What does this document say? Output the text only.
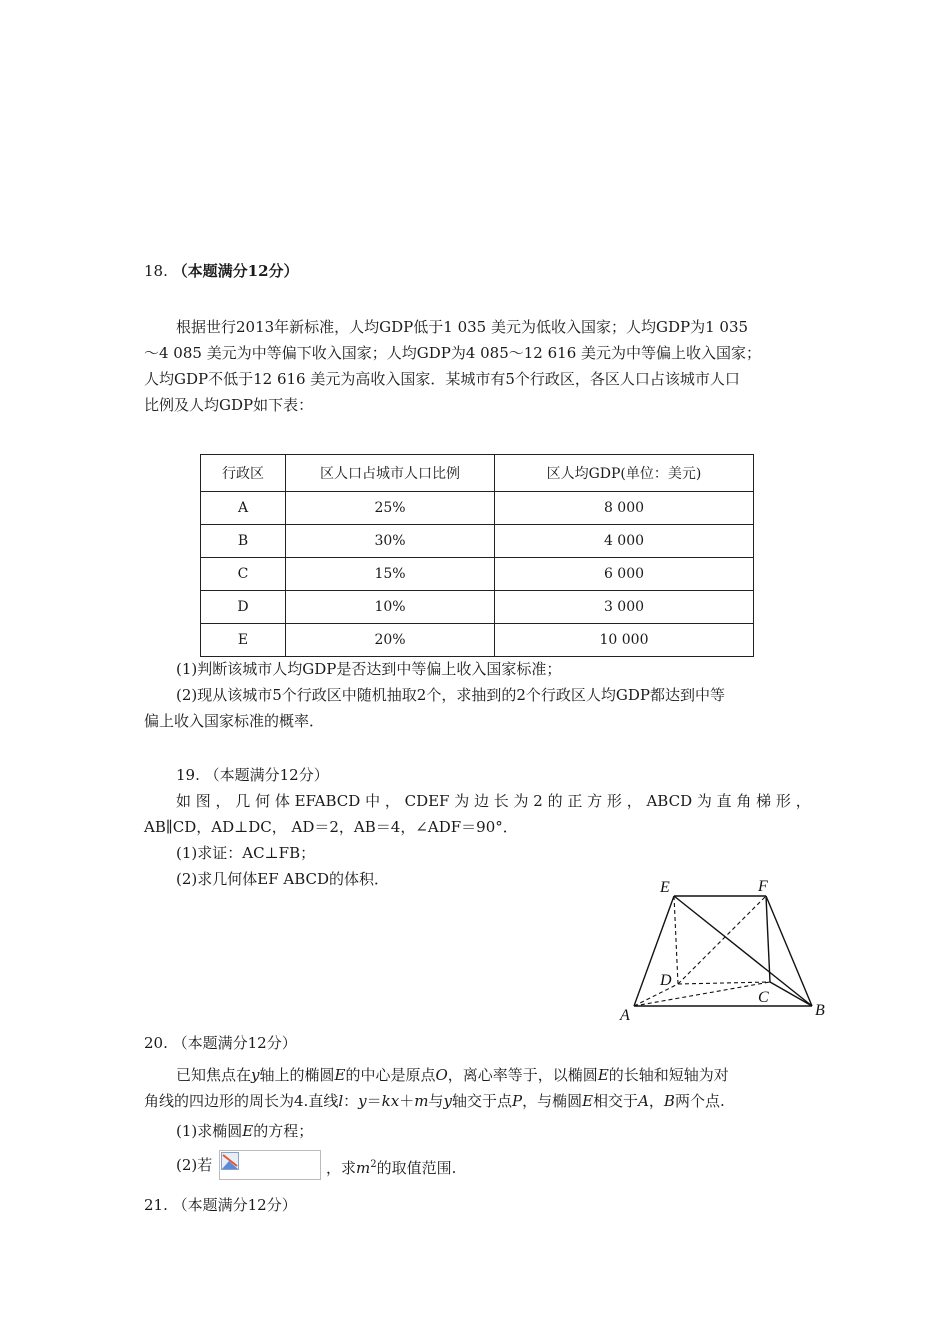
18. （本题满分12分）
根据世行2013年新标准，人均GDP低于1 035 美元为低收入国家；人均GDP为1 035
～4 085 美元为中等偏下收入国家；人均GDP为4 085～12 616 美元为中等偏上收入国家；
人均GDP不低于12 616 美元为高收入国家．某城市有5个行政区，各区人口占该城市人口
比例及人均GDP如下表：
行政区	区人口占城市人口比例	区人均GDP(单位：美元)
A	25%	8 000
B	30%	4 000
C	15%	6 000
D	10%	3 000
E	20%	10 000
(1)判断该城市人均GDP是否达到中等偏上收入国家标准；
(2)现从该城市5个行政区中随机抽取2个，求抽到的2个行政区人均GDP都达到中等
偏上收入国家标准的概率．
19. （本题满分12分）
如 图 ， 几 何 体 EFABCD 中 ， CDEF 为 边 长 为 2 的 正 方 形 ， ABCD 为 直 角 梯 形 ，
AB∥CD，AD⊥DC， AD＝2，AB＝4，∠ADF＝90°．
(1)求证：AC⊥FB；
(2)求几何体EF ABCD的体积．	E	F
D
C
A	B
20. （本题满分12分）
已知焦点在y轴上的椭圆E的中心是原点O，离心率等于，以椭圆E的长轴和短轴为对
角线的四边形的周长为4.直线l：y＝kx＋m与y轴交于点P，与椭圆E相交于A，B两个点.
(1)求椭圆E的方程；
(2)若	，求$m^2$的取值范围.
21. （本题满分12分）
